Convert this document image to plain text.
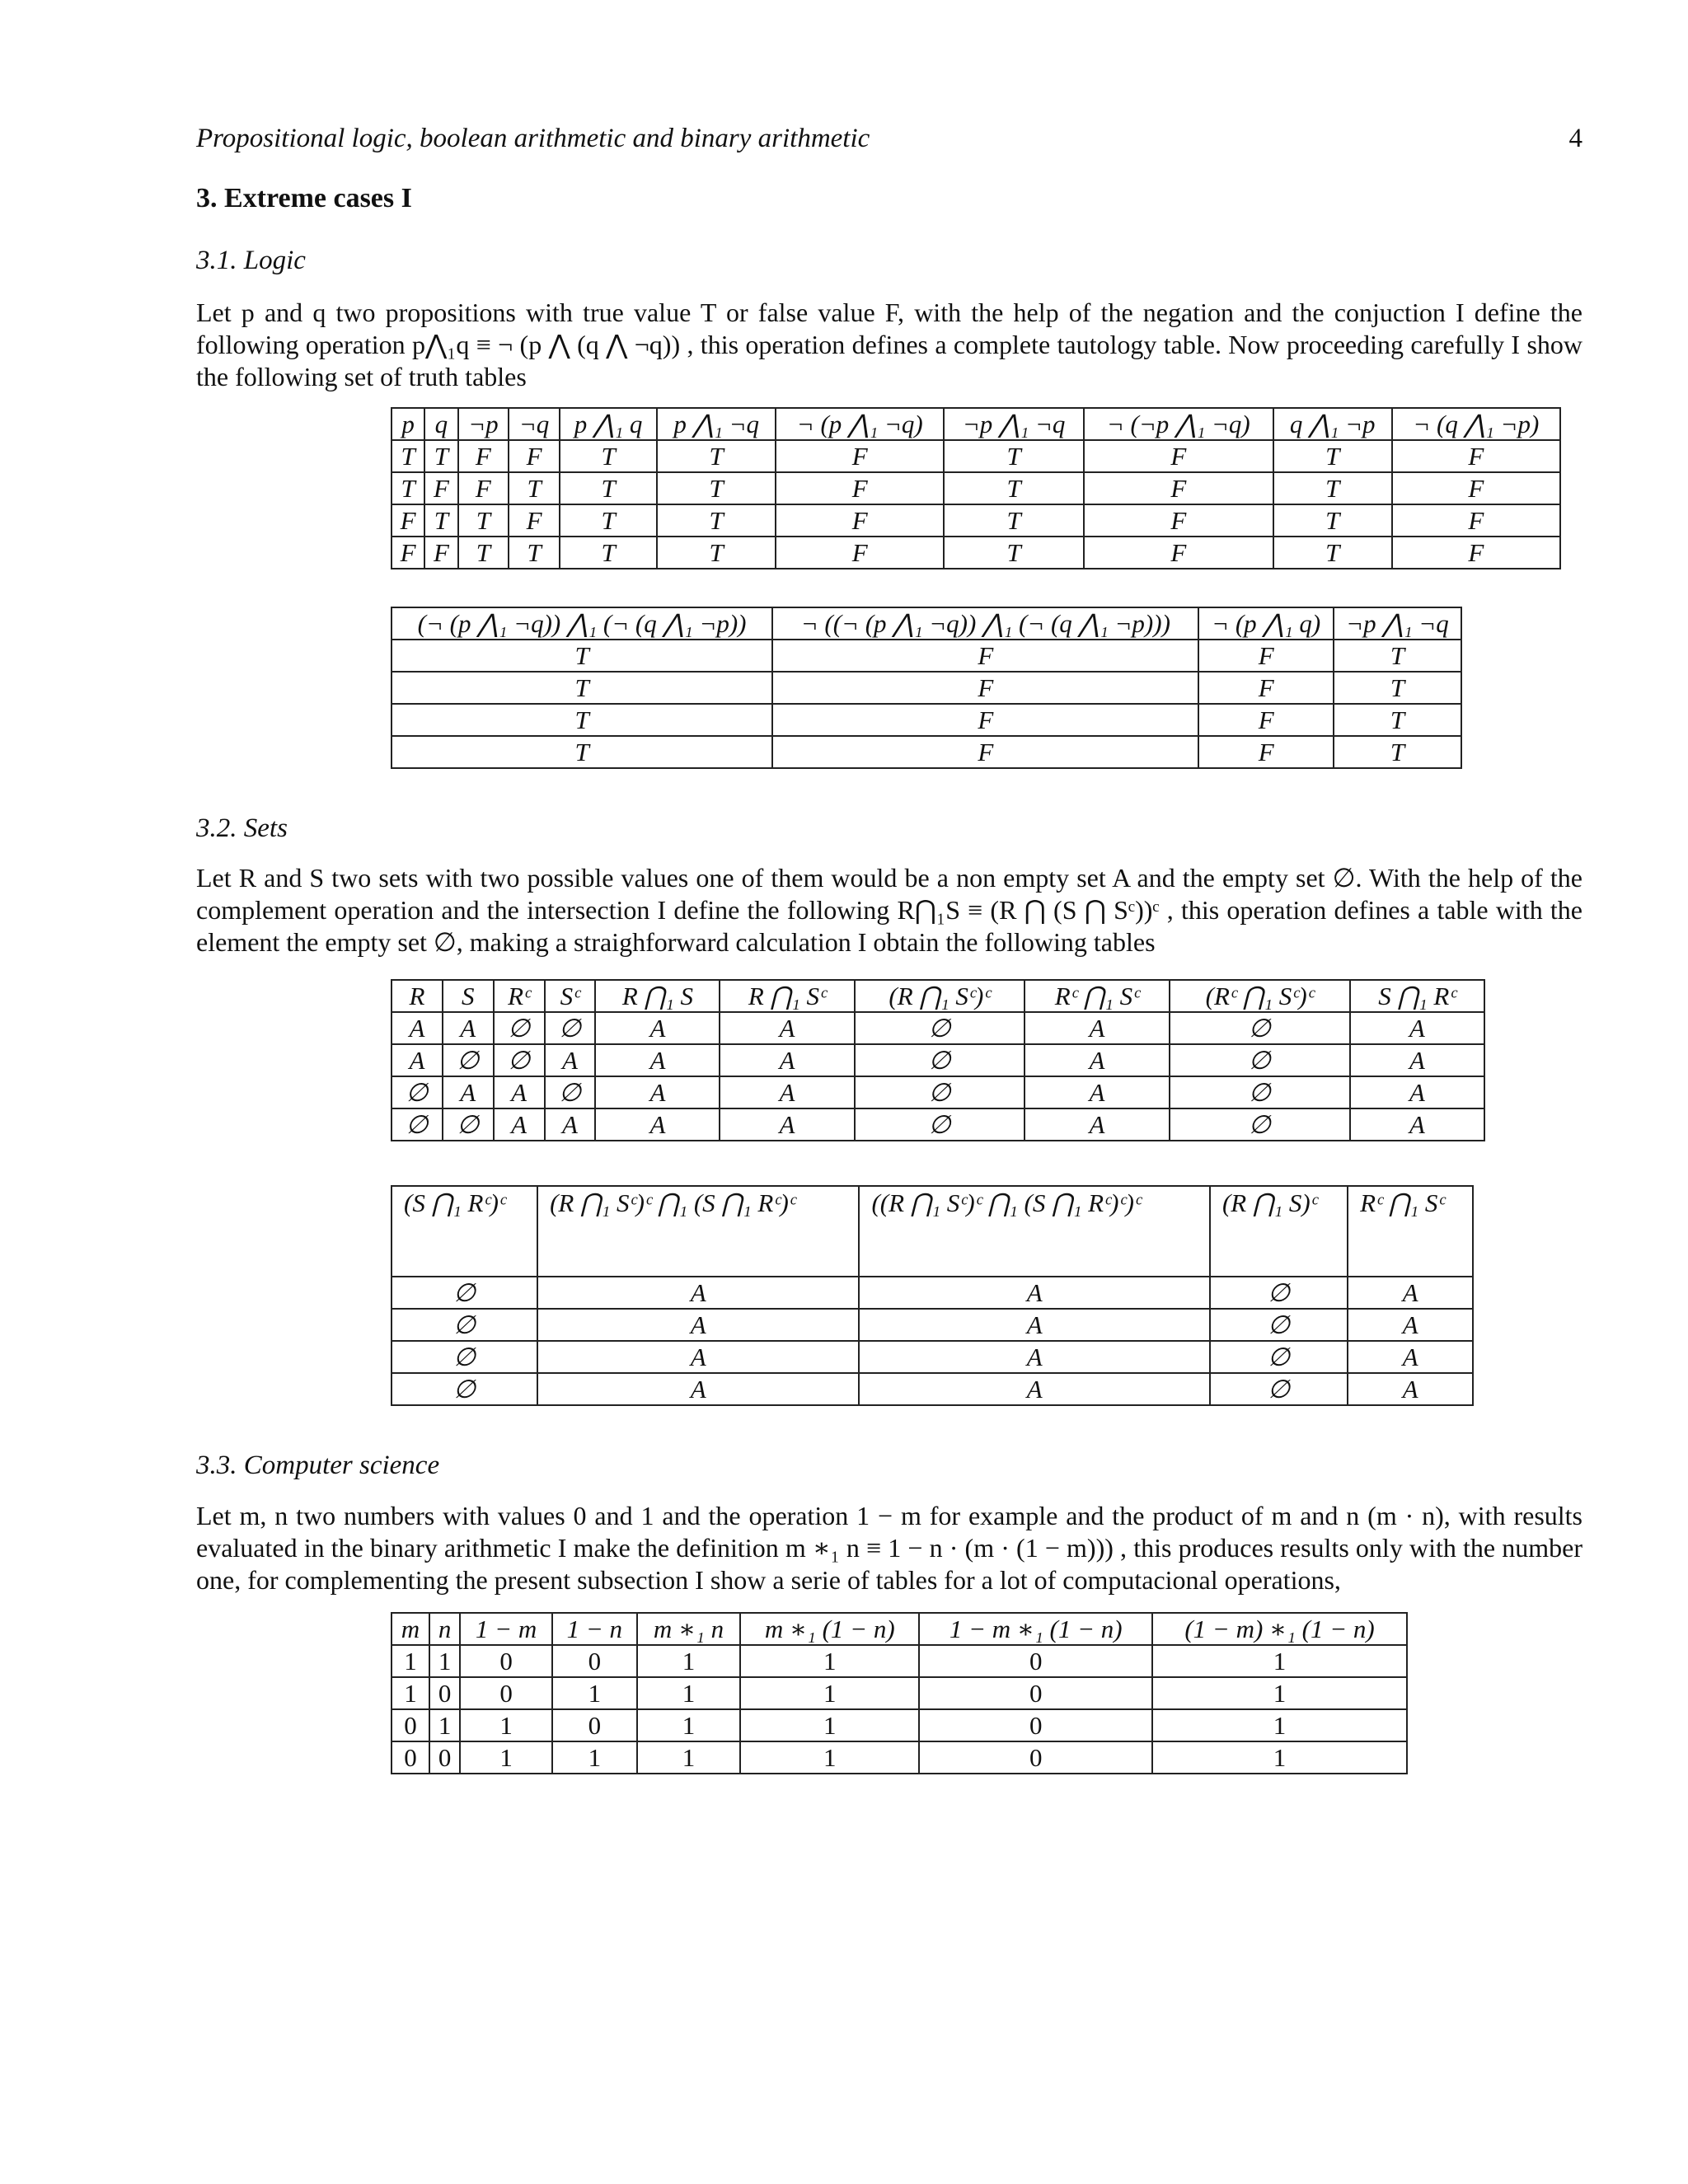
Propositional logic, boolean arithmetic and binary arithmetic	4
3. Extreme cases I
3.1. Logic
Let p and q two propositions with true value T or false value F, with the help of the negation and the conjuction I define the following operation p⋀₁q ≡ ¬ (p ⋀ (q ⋀ ¬q)) , this operation defines a complete tautology table. Now proceeding carefully I show the following set of truth tables
p	q	¬p	¬q	p ⋀₁ q	p ⋀₁ ¬q	¬ (p ⋀₁ ¬q)	¬p ⋀₁ ¬q	¬ (¬p ⋀₁ ¬q)	q ⋀₁ ¬p	¬ (q ⋀₁ ¬p)
T	T	F	F	T	T	F	T	F	T	F
T	F	F	T	T	T	F	T	F	T	F
F	T	T	F	T	T	F	T	F	T	F
F	F	T	T	T	T	F	T	F	T	F
(¬ (p ⋀₁ ¬q)) ⋀₁ (¬ (q ⋀₁ ¬p))	¬ ((¬ (p ⋀₁ ¬q)) ⋀₁ (¬ (q ⋀₁ ¬p)))	¬ (p ⋀₁ q)	¬p ⋀₁ ¬q
T	F	F	T
T	F	F	T
T	F	F	T
T	F	F	T
3.2. Sets
Let R and S two sets with two possible values one of them would be a non empty set A and the empty set ∅. With the help of the complement operation and the intersection I define the following R⋂₁S ≡ (R ⋂ (S ⋂ Sᶜ))ᶜ , this operation defines a table with the element the empty set ∅, making a straighforward calculation I obtain the following tables
R	S	Rᶜ	Sᶜ	R ⋂₁ S	R ⋂₁ Sᶜ	(R ⋂₁ Sᶜ)ᶜ	Rᶜ ⋂₁ Sᶜ	(Rᶜ ⋂₁ Sᶜ)ᶜ	S ⋂₁ Rᶜ
A	A	∅	∅	A	A	∅	A	∅	A
A	∅	∅	A	A	A	∅	A	∅	A
∅	A	A	∅	A	A	∅	A	∅	A
∅	∅	A	A	A	A	∅	A	∅	A
(S ⋂₁ Rᶜ)ᶜ	(R ⋂₁ Sᶜ)ᶜ ⋂₁ (S ⋂₁ Rᶜ)ᶜ	((R ⋂₁ Sᶜ)ᶜ ⋂₁ (S ⋂₁ Rᶜ)ᶜ)ᶜ	(R ⋂₁ S)ᶜ	Rᶜ ⋂₁ Sᶜ
∅	A	A	∅	A
∅	A	A	∅	A
∅	A	A	∅	A
∅	A	A	∅	A
3.3. Computer science
Let m, n two numbers with values 0 and 1 and the operation 1 − m for example and the product of m and n (m · n), with results evaluated in the binary arithmetic I make the definition m ∗₁ n ≡ 1 − n · (m · (1 − m))) , this produces results only with the number one, for complementing the present subsection I show a serie of tables for a lot of computacional operations,
m	n	1 − m	1 − n	m ∗₁ n	m ∗₁ (1 − n)	1 − m ∗₁ (1 − n)	(1 − m) ∗₁ (1 − n)
1	1	0	0	1	1	0	1
1	0	0	1	1	1	0	1
0	1	1	0	1	1	0	1
0	0	1	1	1	1	0	1
